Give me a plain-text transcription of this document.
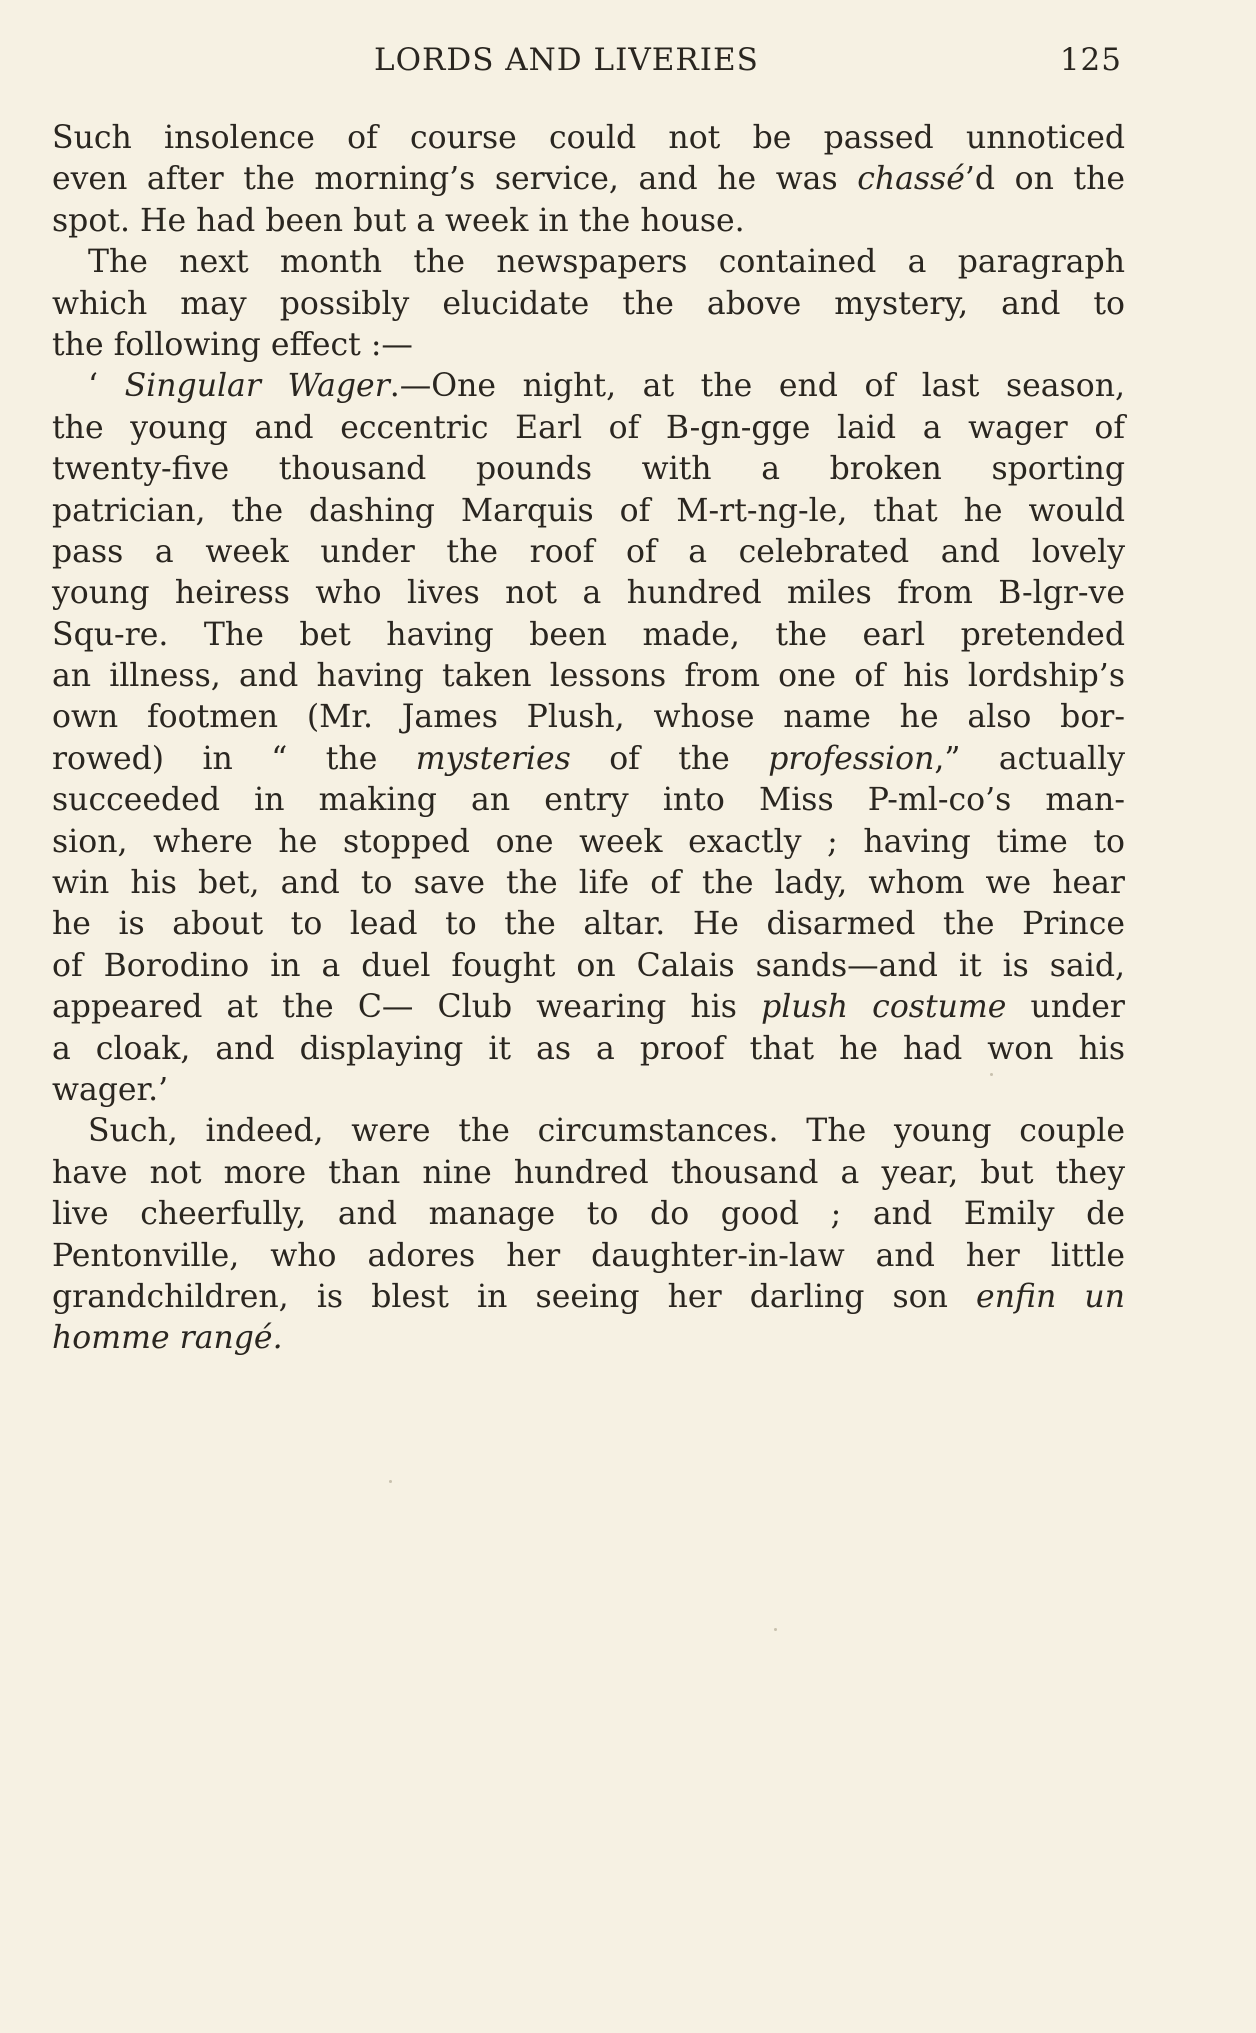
LORDS AND LIVERIES	125
Such insolence of course could not be passed unnoticed
even after the morning’s service, and he was chassé’d on the
spot. He had been but a week in the house.
The next month the newspapers contained a paragraph
which may possibly elucidate the above mystery, and to
the following effect :—
‘ Singular Wager.—One night, at the end of last season,
the young and eccentric Earl of B-gn-gge laid a wager of
twenty-five thousand pounds with a broken sporting
patrician, the dashing Marquis of M-rt-ng-le, that he would
pass a week under the roof of a celebrated and lovely
young heiress who lives not a hundred miles from B-lgr-ve
Squ-re. The bet having been made, the earl pretended
an illness, and having taken lessons from one of his lordship’s
own footmen (Mr. James Plush, whose name he also bor-
rowed) in “ the mysteries of the profession,” actually
succeeded in making an entry into Miss P-ml-co’s man-
sion, where he stopped one week exactly ; having time to
win his bet, and to save the life of the lady, whom we hear
he is about to lead to the altar. He disarmed the Prince
of Borodino in a duel fought on Calais sands—and it is said,
appeared at the C— Club wearing his plush costume under
a cloak, and displaying it as a proof that he had won his
wager.’
Such, indeed, were the circumstances. The young couple
have not more than nine hundred thousand a year, but they
live cheerfully, and manage to do good ; and Emily de
Pentonville, who adores her daughter-in-law and her little
grandchildren, is blest in seeing her darling son enfin un
homme rangé.
